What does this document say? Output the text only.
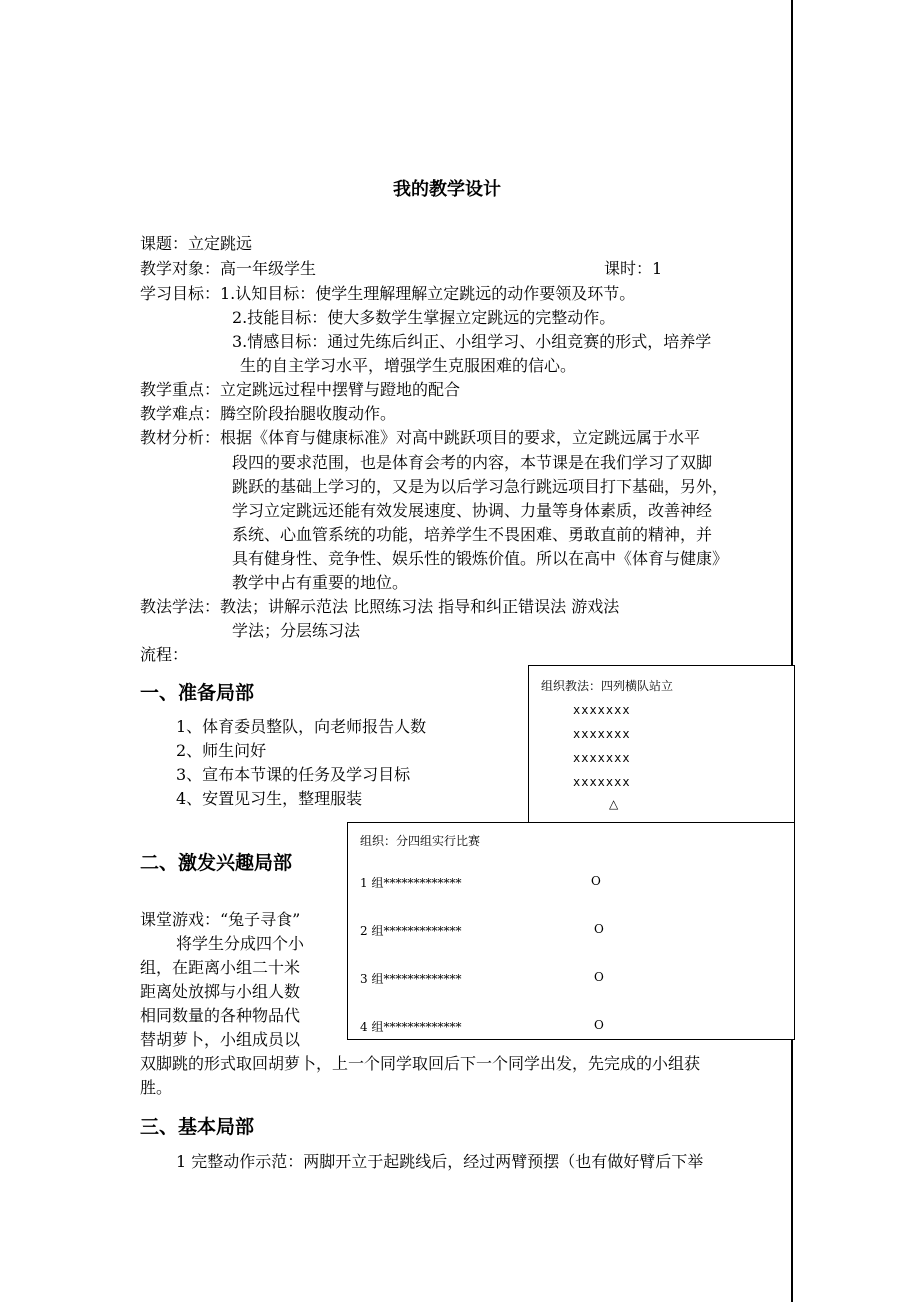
我的教学设计
课题：立定跳远
教学对象：高一年级学生	课时：1
学习目标：1.认知目标：使学生理解理解立定跳远的动作要领及环节。
2.技能目标：使大多数学生掌握立定跳远的完整动作。
3.情感目标：通过先练后纠正、小组学习、小组竞赛的形式，培养学
生的自主学习水平，增强学生克服困难的信心。
教学重点：立定跳远过程中摆臂与蹬地的配合
教学难点：腾空阶段抬腿收腹动作。
教材分析：根据《体育与健康标准》对高中跳跃项目的要求，立定跳远属于水平
段四的要求范围，也是体育会考的内容，本节课是在我们学习了双脚
跳跃的基础上学习的，又是为以后学习急行跳远项目打下基础，另外，
学习立定跳远还能有效发展速度、协调、力量等身体素质，改善神经
系统、心血管系统的功能，培养学生不畏困难、勇敢直前的精神，并
具有健身性、竞争性、娱乐性的锻炼价值。所以在高中《体育与健康》
教学中占有重要的地位。
教法学法：教法；讲解示范法 比照练习法 指导和纠正错误法 游戏法
学法；分层练习法
流程：
一、准备局部
1、体育委员整队，向老师报告人数
2、师生问好
3、宣布本节课的任务及学习目标
4、安置见习生，整理服装
组织教法：四列横队站立
xxxxxxx
xxxxxxx
xxxxxxx
xxxxxxx
△
二、激发兴趣局部
课堂游戏：“兔子寻食”
将学生分成四个小
组，在距离小组二十米
距离处放掷与小组人数
相同数量的各种物品代
替胡萝卜，小组成员以
双脚跳的形式取回胡萝卜，上一个同学取回后下一个同学出发，先完成的小组获
胜。
组织：分四组实行比赛
1 组*************	O
2 组*************	O
3 组*************	O
4 组*************	O
三、基本局部
1 完整动作示范：两脚开立于起跳线后，经过两臂预摆（也有做好臂后下举
